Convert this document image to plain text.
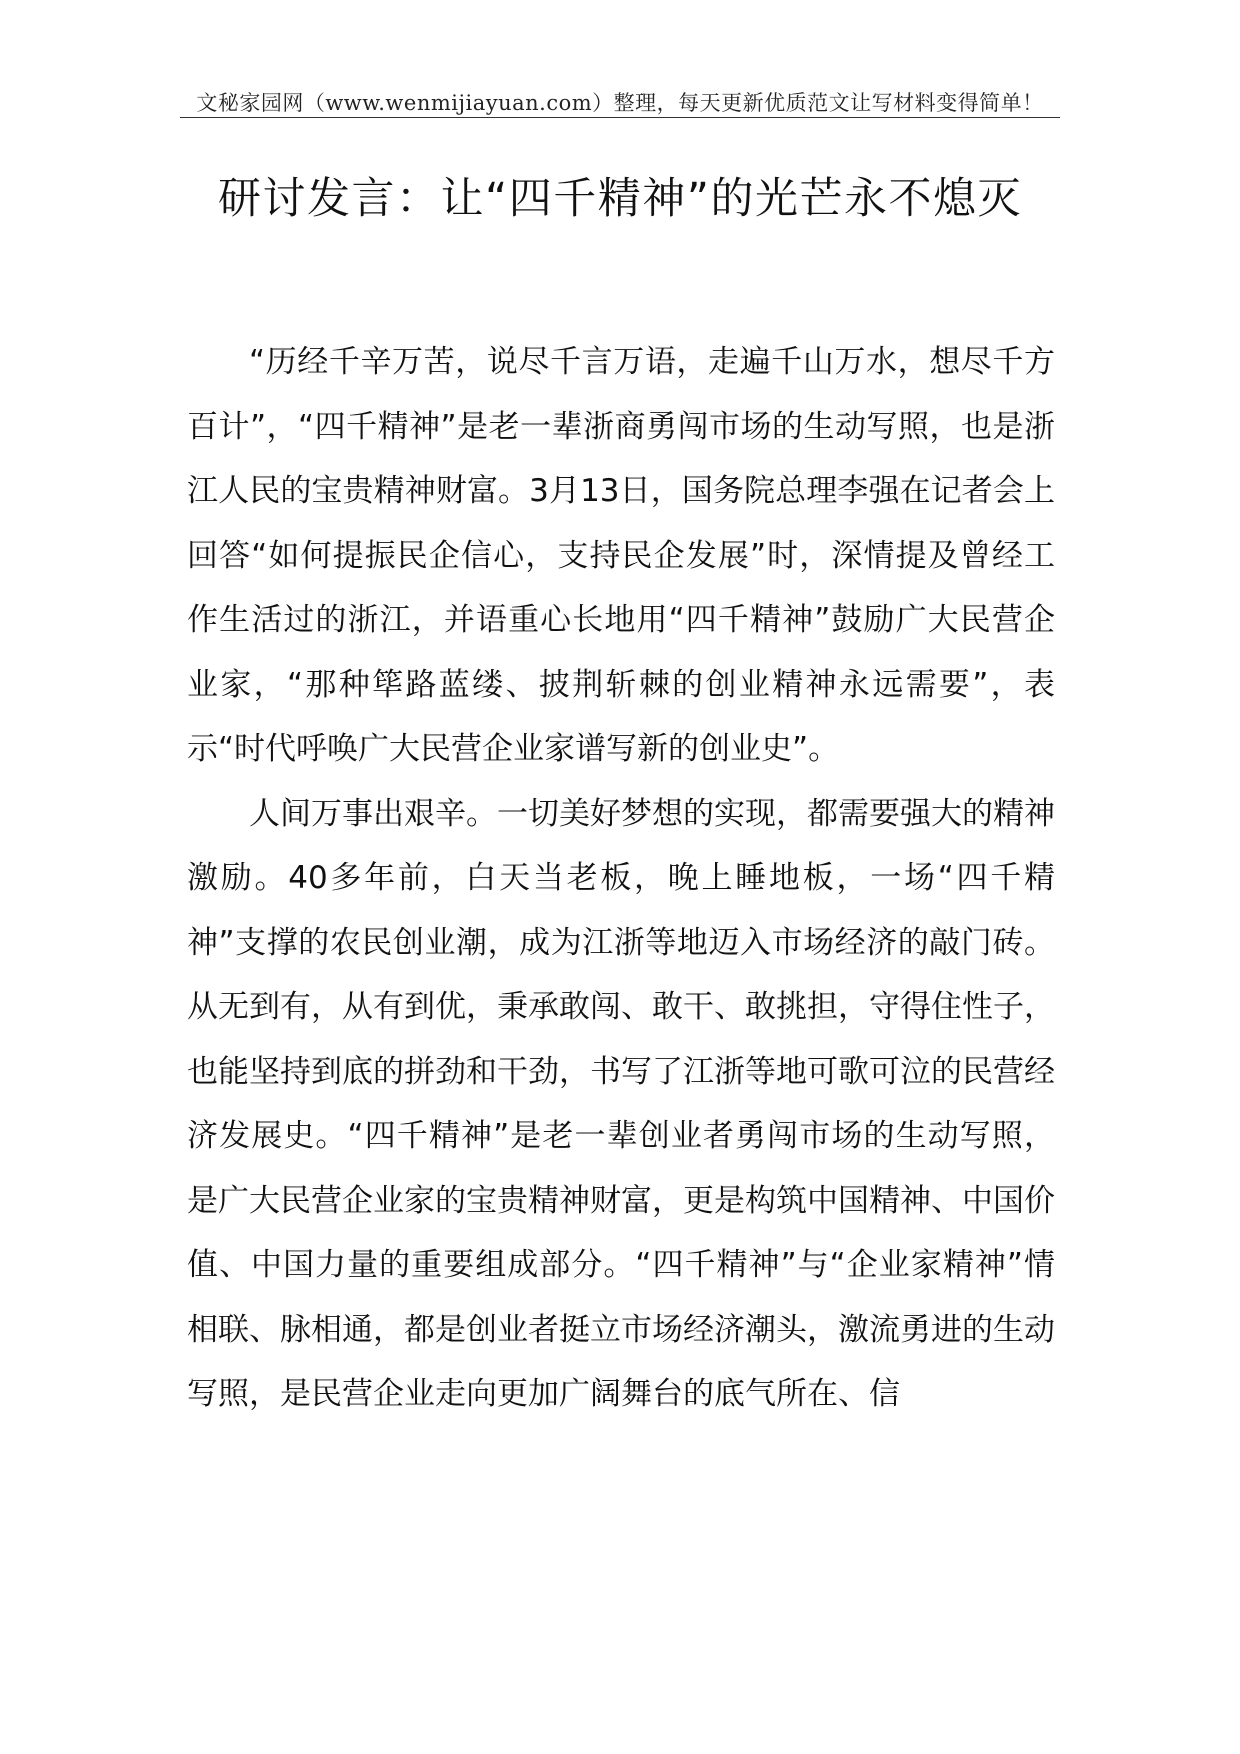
文秘家园网（www.wenmijiayuan.com）整理，每天更新优质范文让写材料变得简单！
研讨发言：让“四千精神”的光芒永不熄灭

“历经千辛万苦，说尽千言万语，走遍千山万水，想尽千方百计”，“四千精神”是老一辈浙商勇闯市场的生动写照，也是浙江人民的宝贵精神财富。3月13日，国务院总理李强在记者会上回答“如何提振民企信心，支持民企发展”时，深情提及曾经工作生活过的浙江，并语重心长地用“四千精神”鼓励广大民营企业家，“那种筚路蓝缕、披荆斩棘的创业精神永远需要”，表示“时代呼唤广大民营企业家谱写新的创业史”。

人间万事出艰辛。一切美好梦想的实现，都需要强大的精神激励。40多年前，白天当老板，晚上睡地板，一场“四千精神”支撑的农民创业潮，成为江浙等地迈入市场经济的敲门砖。从无到有，从有到优，秉承敢闯、敢干、敢挑担，守得住性子，也能坚持到底的拼劲和干劲，书写了江浙等地可歌可泣的民营经济发展史。“四千精神”是老一辈创业者勇闯市场的生动写照，是广大民营企业家的宝贵精神财富，更是构筑中国精神、中国价值、中国力量的重要组成部分。“四千精神”与“企业家精神”情相联、脉相通，都是创业者挺立市场经济潮头，激流勇进的生动写照，是民营企业走向更加广阔舞台的底气所在、信
